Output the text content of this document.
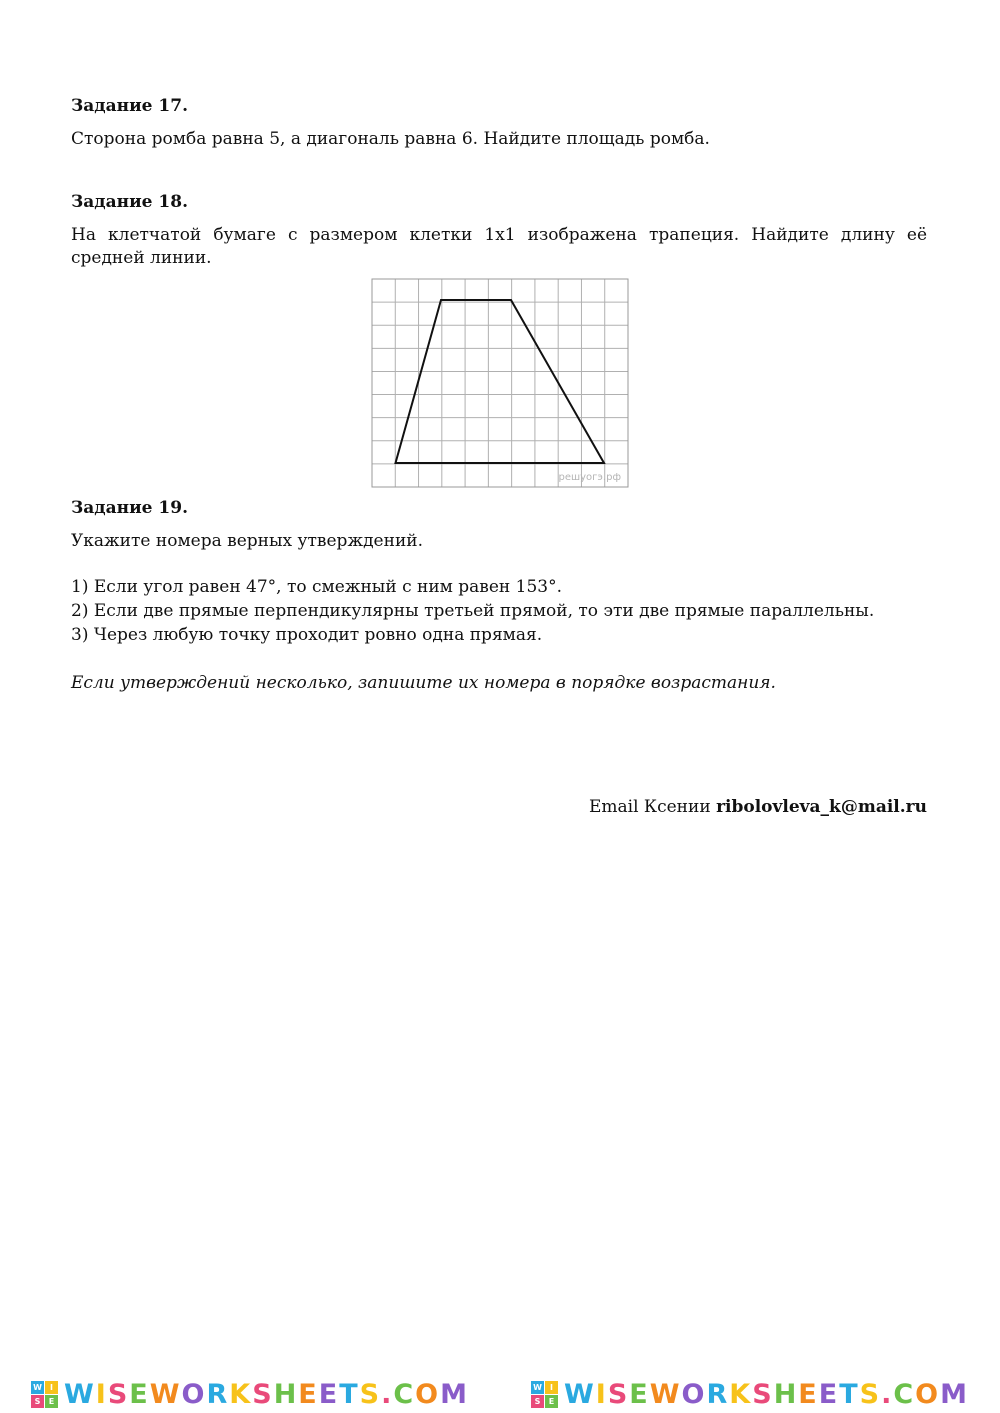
Задание 17.
Сторона ромба равна 5, а диагональ равна 6. Найдите площадь ромба.
Задание 18.
На клетчатой бумаге с размером клетки 1x1 изображена трапеция. Найдите длину её
средней линии.
решуогэ.рф
Задание 19.
Укажите номера верных утверждений.
1) Если угол равен 47°, то смежный с ним равен 153°.
2) Если две прямые перпендикулярны третьей прямой, то эти две прямые параллельны.
3) Через любую точку проходит ровно одна прямая.
Если утверждений несколько, запишите их номера в порядке возрастания.
Email Ксении ribolovleva_k@mail.ru
W	I
S	E WISEWORKSHEETS.COM	W	I
S	E WISEWORKSHEETS.COM
